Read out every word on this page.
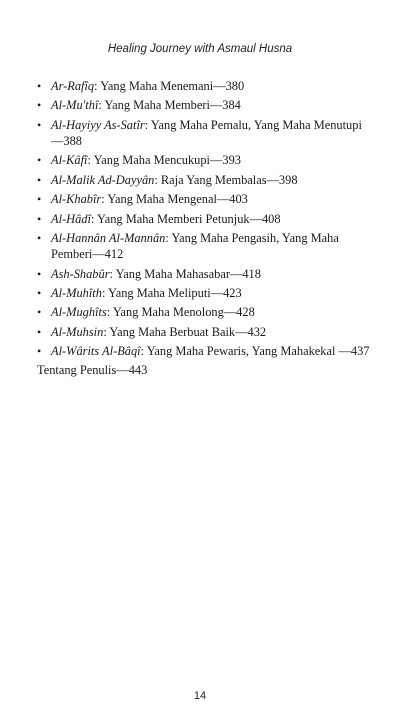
Healing Journey with Asmaul Husna
• Ar-Rafîq: Yang Maha Menemani—380
• Al-Mu'thî: Yang Maha Memberi—384
• Al-Hayiyy As-Satîr: Yang Maha Pemalu, Yang Maha Menutupi—388
• Al-Kâfî: Yang Maha Mencukupi—393
• Al-Malik Ad-Dayyân: Raja Yang Membalas—398
• Al-Khabîr: Yang Maha Mengenal—403
• Al-Hâdî: Yang Maha Memberi Petunjuk—408
• Al-Hannân Al-Mannân: Yang Maha Pengasih, Yang Maha Pemberi—412
• Ash-Shabûr: Yang Maha Mahasabar—418
• Al-Muhîth: Yang Maha Meliputi—423
• Al-Mughîts: Yang Maha Menolong—428
• Al-Muhsin: Yang Maha Berbuat Baik—432
• Al-Wârits Al-Bâqî: Yang Maha Pewaris, Yang Mahakekal —437
Tentang Penulis—443
14
